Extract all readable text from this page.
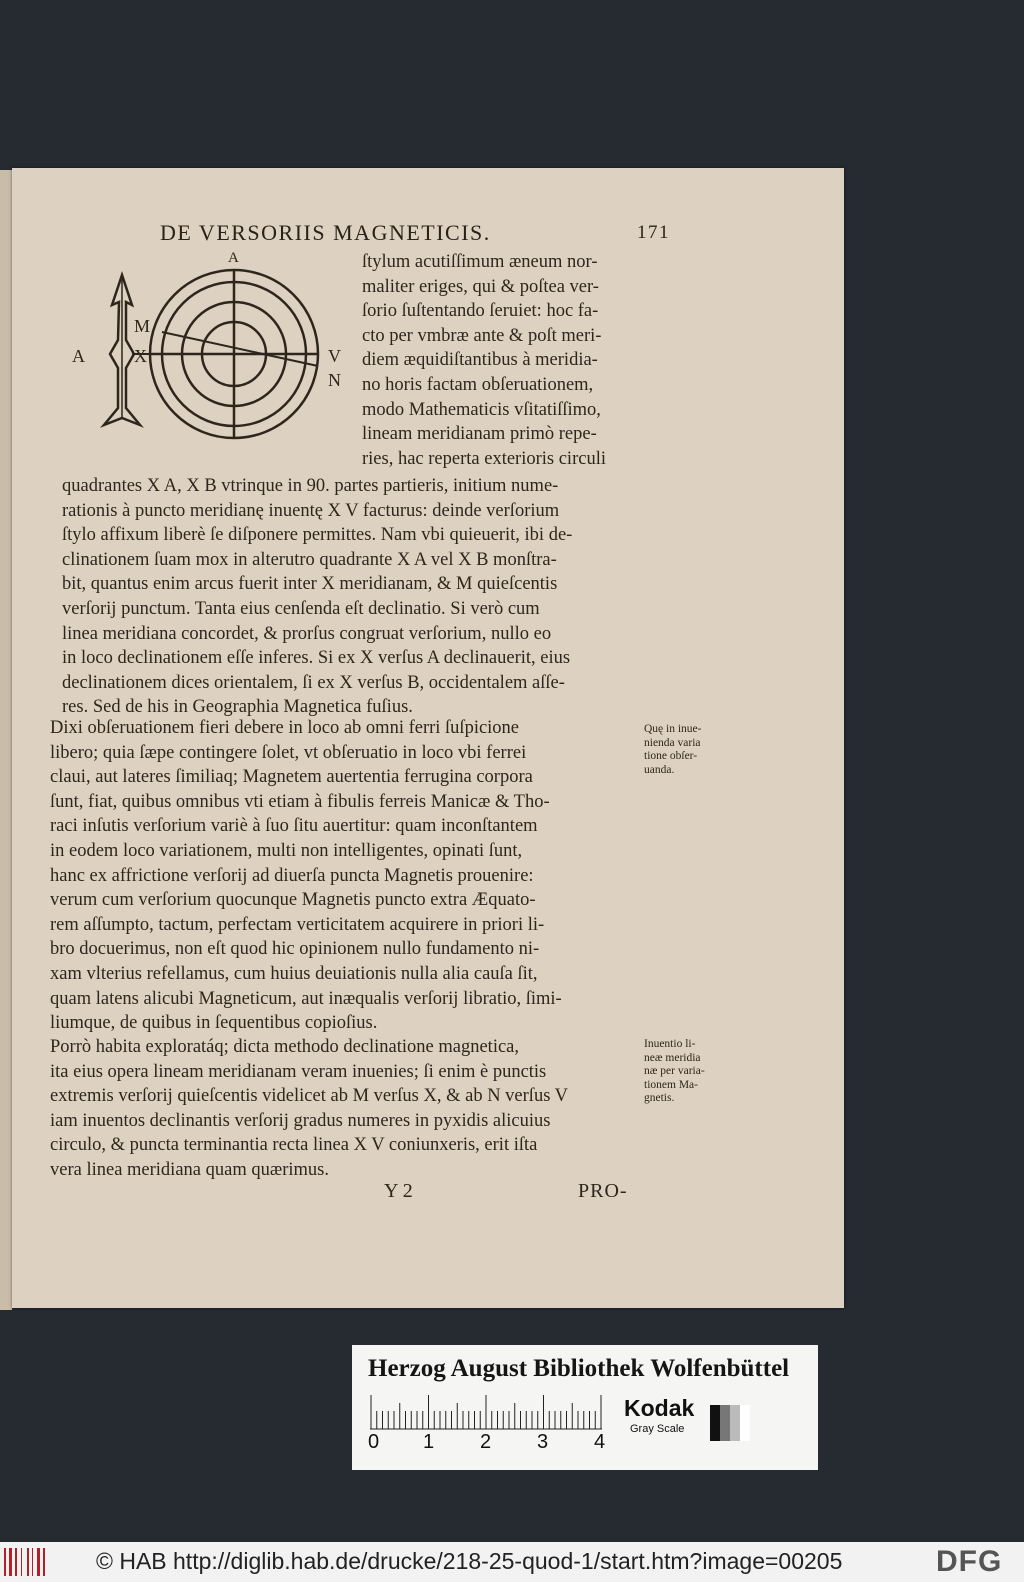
DE VERSORIIS MAGNETICIS.	171
A
M
A	X	V
N
ſtylum acutiſſimum æneum nor-
maliter eriges, qui & poſtea ver-
ſorio ſuſtentando ſeruiet: hoc fa-
cto per vmbræ ante & poſt meri-
diem æquidiſtantibus à meridia-
no horis factam obſeruationem,
modo Mathematicis vſitatiſſimo,
lineam meridianam primò repe-
ries, hac reperta exterioris circuli
quadrantes X A, X B vtrinque in 90. partes partieris, initium nume-
rationis à puncto meridianę inuentę X V facturus: deinde verſorium
ſtylo affixum liberè ſe diſponere permittes. Nam vbi quieuerit, ibi de-
clinationem ſuam mox in alterutro quadrante X A vel X B monſtra-
bit, quantus enim arcus fuerit inter X meridianam, & M quieſcentis
verſorij punctum. Tanta eius cenſenda eſt declinatio. Si verò cum
linea meridiana concordet, & prorſus congruat verſorium, nullo eo
in loco declinationem eſſe inferes. Si ex X verſus A declinauerit, eius
declinationem dices orientalem, ſi ex X verſus B, occidentalem aſſe-
res. Sed de his in Geographia Magnetica fuſius.
Dixi obſeruationem fieri debere in loco ab omni ferri ſuſpicione
libero; quia ſæpe contingere ſolet, vt obſeruatio in loco vbi ferrei
claui, aut lateres ſimiliaq; Magnetem auertentia ferrugina corpora
ſunt, fiat, quibus omnibus vti etiam à fibulis ferreis Manicæ & Tho-
raci inſutis verſorium variè à ſuo ſitu auertitur: quam inconſtantem
in eodem loco variationem, multi non intelligentes, opinati ſunt,
hanc ex affrictione verſorij ad diuerſa puncta Magnetis prouenire:
verum cum verſorium quocunque Magnetis puncto extra Æquato-
rem aſſumpto, tactum, perfectam verticitatem acquirere in priori li-
bro docuerimus, non eſt quod hic opinionem nullo fundamento ni-
xam vlterius refellamus, cum huius deuiationis nulla alia cauſa ſit,
quam latens alicubi Magneticum, aut inæqualis verſorij libratio, ſimi-
liumque, de quibus in ſequentibus copioſius.
Porrò habita exploratáq; dicta methodo declinatione magnetica,
ita eius opera lineam meridianam veram inuenies; ſi enim è punctis
extremis verſorij quieſcentis videlicet ab M verſus X, & ab N verſus V
iam inuentos declinantis verſorij gradus numeres in pyxidis alicuius
circulo, & puncta terminantia recta linea X V coniunxeris, erit iſta
vera linea meridiana quam quærimus.
Quę in inue-
nienda varia
tione obſer-
uanda.
Inuentio li-
neæ meridia
næ per varia-
tionem Ma-
gnetis.
Y 2	PRO-
Herzog August Bibliothek Wolfenbüttel
0 1 2 3 4
Kodak
Gray Scale
© HAB http://diglib.hab.de/drucke/218-25-quod-1/start.htm?image=00205	DFG
